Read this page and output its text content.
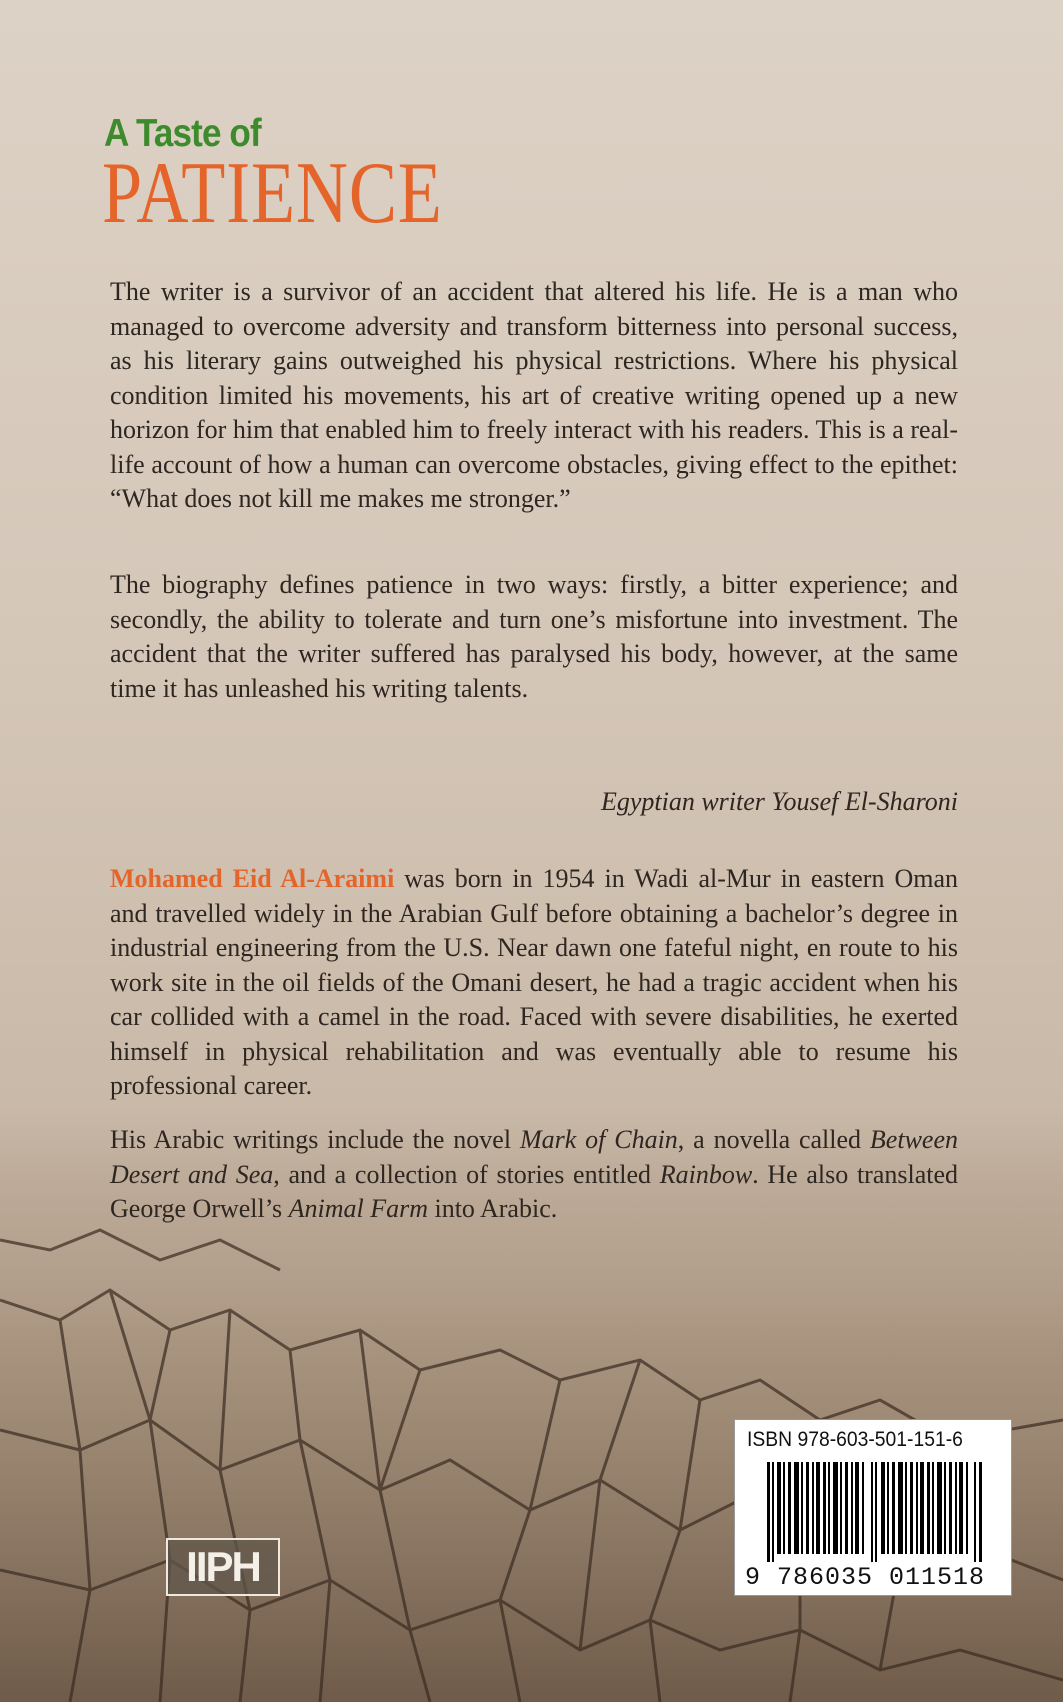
A Taste of
PATIENCE

The writer is a survivor of an accident that altered his life. He is a man who managed to overcome adversity and transform bitterness into personal success, as his literary gains outweighed his physical restrictions. Where his physical condition limited his movements, his art of creative writing opened up a new horizon for him that enabled him to freely interact with his readers. This is a real-life account of how a human can overcome obstacles, giving effect to the epithet: “What does not kill me makes me stronger.”

The biography defines patience in two ways: firstly, a bitter experience; and secondly, the ability to tolerate and turn one’s misfortune into investment. The accident that the writer suffered has paralysed his body, however, at the same time it has unleashed his writing talents.

Egyptian writer Yousef El-Sharoni

Mohamed Eid Al-Araimi was born in 1954 in Wadi al-Mur in eastern Oman and travelled widely in the Arabian Gulf before obtaining a bachelor’s degree in industrial engineering from the U.S. Near dawn one fateful night, en route to his work site in the oil fields of the Omani desert, he had a tragic accident when his car collided with a camel in the road. Faced with severe disabilities, he exerted himself in physical rehabilitation and was eventually able to resume his professional career.

His Arabic writings include the novel Mark of Chain, a novella called Between Desert and Sea, and a collection of stories entitled Rainbow. He also translated George Orwell’s Animal Farm into Arabic.

ISBN 978-603-501-151-6
9 786035 011518
IIPH
